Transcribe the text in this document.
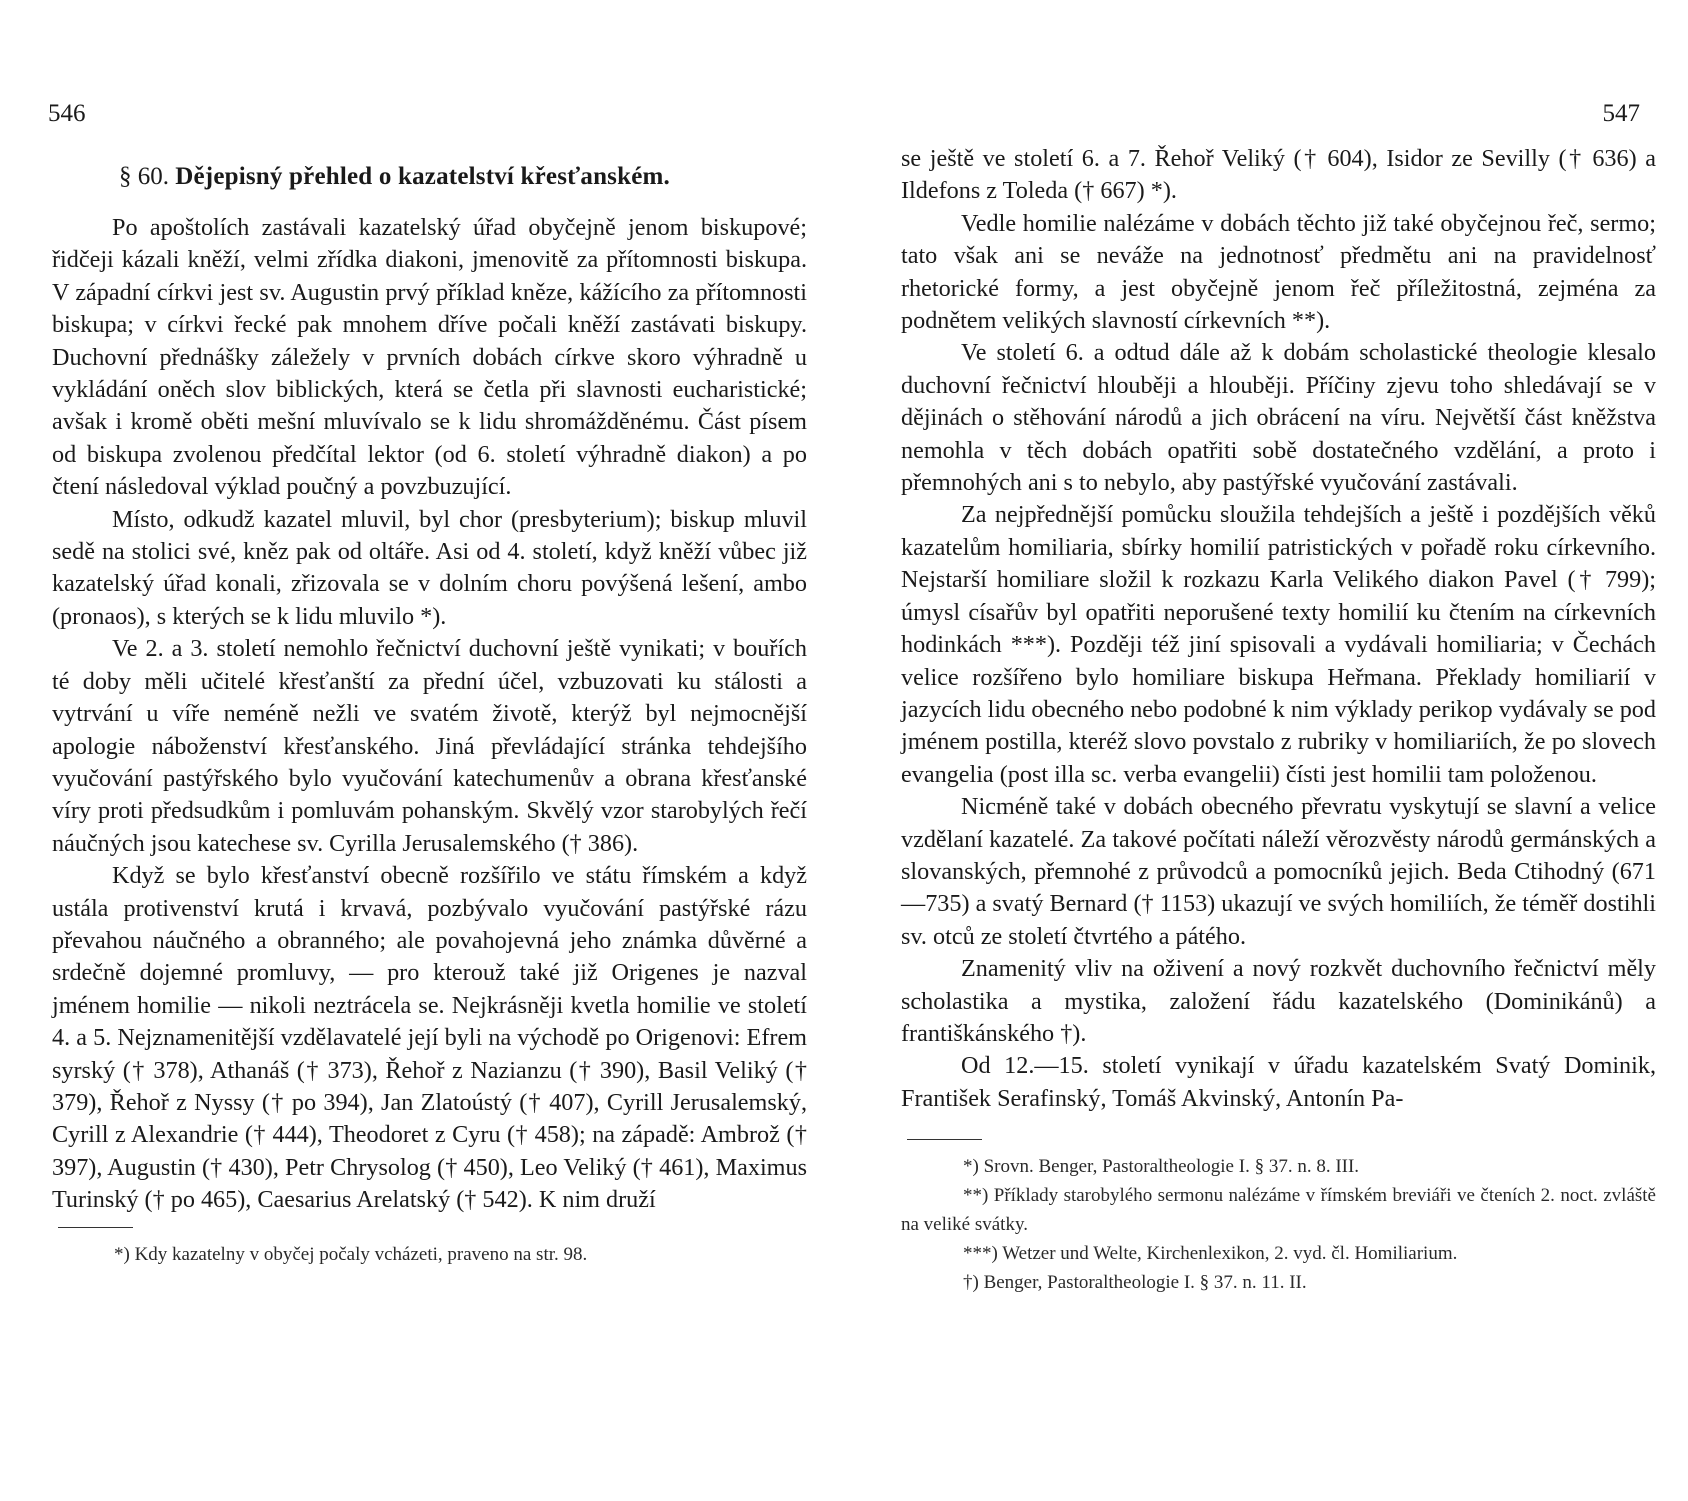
546
§ 60. Dějepisný přehled o kazatelství křesťanském.

Po apoštolích zastávali kazatelský úřad obyčejně jenom biskupové; řidčeji kázali kněží, velmi zřídka diakoni, jmenovitě za přítomnosti biskupa. V západní církvi jest sv. Augustin prvý příklad kněze, kážícího za přítomnosti biskupa; v církvi řecké pak mnohem dříve počali kněží zastávati biskupy. Duchovní přednášky záležely v prvních dobách církve skoro výhradně u vykládání oněch slov biblických, která se četla při slavnosti eucharistické; avšak i kromě oběti mešní mluvívalo se k lidu shromážděnému. Část písem od biskupa zvolenou předčítal lektor (od 6. století výhradně diakon) a po čtení následoval výklad poučný a povzbuzující.

Místo, odkudž kazatel mluvil, byl chor (presbyterium); biskup mluvil sedě na stolici své, kněz pak od oltáře. Asi od 4. století, když kněží vůbec již kazatelský úřad konali, zřizovala se v dolním choru povýšená lešení, ambo (pronaos), s kterých se k lidu mluvilo *).

Ve 2. a 3. století nemohlo řečnictví duchovní ještě vynikati; v bouřích té doby měli učitelé křesťanští za přední účel, vzbuzovati ku stálosti a vytrvání u víře neméně nežli ve svatém životě, kterýž byl nejmocnější apologie náboženství křesťanského. Jiná převládající stránka tehdejšího vyučování pastýřského bylo vyučování katechumenův a obrana křesťanské víry proti předsudkům i pomluvám pohanským. Skvělý vzor starobylých řečí náučných jsou katechese sv. Cyrilla Jerusalemského († 386).

Když se bylo křesťanství obecně rozšířilo ve státu římském a když ustála protivenství krutá i krvavá, pozbývalo vyučování pastýřské rázu převahou náučného a obranného; ale povahojevná jeho známka důvěrné a srdečně dojemné promluvy, — pro kterouž také již Origenes je nazval jménem homilie — nikoli neztrácela se. Nejkrásněji kvetla homilie ve století 4. a 5. Nejznamenitější vzdělavatelé její byli na východě po Origenovi: Efrem syrský († 378), Athanáš († 373), Řehoř z Nazianzu († 390), Basil Veliký († 379), Řehoř z Nyssy († po 394), Jan Zlatoústý († 407), Cyrill Jerusalemský, Cyrill z Alexandrie († 444), Theodoret z Cyru († 458); na západě: Ambrož († 397), Augustin († 430), Petr Chrysolog († 450), Leo Veliký († 461), Maximus Turinský († po 465), Caesarius Arelatský († 542). K nim druží

*) Kdy kazatelny v obyčej počaly vcházeti, praveno na str. 98.

547

se ještě ve století 6. a 7. Řehoř Veliký († 604), Isidor ze Sevilly († 636) a Ildefons z Toleda († 667) *).

Vedle homilie nalézáme v dobách těchto již také obyčejnou řeč, sermo; tato však ani se neváže na jednotnosť předmětu ani na pravidelnosť rhetorické formy, a jest obyčejně jenom řeč příležitostná, zejména za podnětem velikých slavností církevních **).

Ve století 6. a odtud dále až k dobám scholastické theologie klesalo duchovní řečnictví hlouběji a hlouběji. Příčiny zjevu toho shledávají se v dějinách o stěhování národů a jich obrácení na víru. Největší část kněžstva nemohla v těch dobách opatřiti sobě dostatečného vzdělání, a proto i přemnohých ani s to nebylo, aby pastýřské vyučování zastávali.

Za nejpřednější pomůcku sloužila tehdejších a ještě i pozdějších věků kazatelům homiliaria, sbírky homilií patristických v pořadě roku církevního. Nejstarší homiliare složil k rozkazu Karla Velikého diakon Pavel († 799); úmysl císařův byl opatřiti neporušené texty homilií ku čtením na církevních hodinkách ***). Později též jiní spisovali a vydávali homiliaria; v Čechách velice rozšířeno bylo homiliare biskupa Heřmana. Překlady homiliarií v jazycích lidu obecného nebo podobné k nim výklady perikop vydávaly se pod jménem postilla, kteréž slovo povstalo z rubriky v homiliariích, že po slovech evangelia (post illa sc. verba evangelii) čísti jest homilii tam položenou.

Nicméně také v dobách obecného převratu vyskytují se slavní a velice vzdělaní kazatelé. Za takové počítati náleží věrozvěsty národů germánských a slovanských, přemnohé z průvodců a pomocníků jejich. Beda Ctihodný (671—735) a svatý Bernard († 1153) ukazují ve svých homiliích, že téměř dostihli sv. otců ze století čtvrtého a pátého.

Znamenitý vliv na oživení a nový rozkvět duchovního řečnictví měly scholastika a mystika, založení řádu kazatelského (Dominikánů) a františkánského †).

Od 12.—15. století vynikají v úřadu kazatelském Svatý Dominik, František Serafinský, Tomáš Akvinský, Antonín Pa-

*) Srovn. Benger, Pastoraltheologie I. § 37. n. 8. III.

**) Příklady starobylého sermonu nalézáme v římském breviáři ve čteních 2. noct. zvláště na veliké svátky.

***) Wetzer und Welte, Kirchenlexikon, 2. vyd. čl. Homiliarium.

†) Benger, Pastoraltheologie I. § 37. n. 11. II.
